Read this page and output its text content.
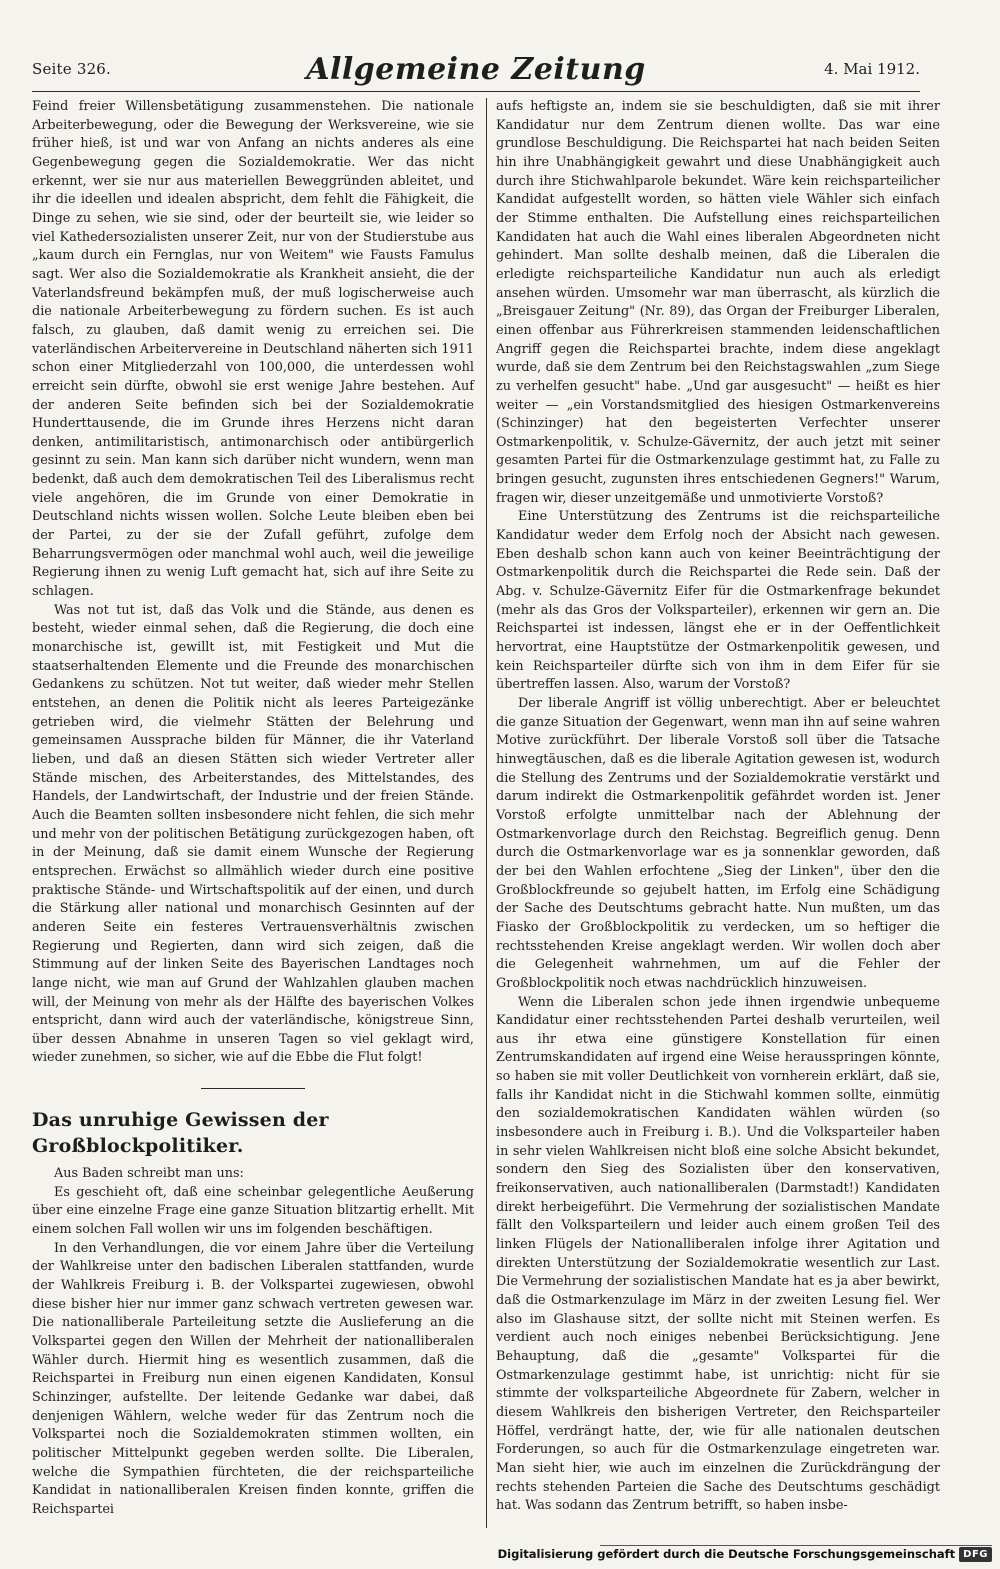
Seite 326.	Allgemeine Zeitung	4. Mai 1912.

Feind freier Willensbetätigung zusammenstehen. Die nationale Arbeiterbewegung, oder die Bewegung der Werksvereine, wie sie früher hieß, ist und war von Anfang an nichts anderes als eine Gegenbewegung gegen die Sozialdemokratie. Wer das nicht erkennt, wer sie nur aus materiellen Beweggründen ableitet, und ihr die ideellen und idealen abspricht, dem fehlt die Fähigkeit, die Dinge zu sehen, wie sie sind, oder der beurteilt sie, wie leider so viel Kathedersozialisten unserer Zeit, nur von der Studierstube aus „kaum durch ein Fernglas, nur von Weitem" wie Fausts Famulus sagt. Wer also die Sozialdemokratie als Krankheit ansieht, die der Vaterlandsfreund bekämpfen muß, der muß logischerweise auch die nationale Arbeiterbewegung zu fördern suchen. Es ist auch falsch, zu glauben, daß damit wenig zu erreichen sei. Die vaterländischen Arbeitervereine in Deutschland näherten sich 1911 schon einer Mitgliederzahl von 100,000, die unterdessen wohl erreicht sein dürfte, obwohl sie erst wenige Jahre bestehen. Auf der anderen Seite befinden sich bei der Sozialdemokratie Hunderttausende, die im Grunde ihres Herzens nicht daran denken, antimilitaristisch, antimonarchisch oder antibürgerlich gesinnt zu sein. Man kann sich darüber nicht wundern, wenn man bedenkt, daß auch dem demokratischen Teil des Liberalismus recht viele angehören, die im Grunde von einer Demokratie in Deutschland nichts wissen wollen. Solche Leute bleiben eben bei der Partei, zu der sie der Zufall geführt, zufolge dem Beharrungsvermögen oder manchmal wohl auch, weil die jeweilige Regierung ihnen zu wenig Luft gemacht hat, sich auf ihre Seite zu schlagen.

Was not tut ist, daß das Volk und die Stände, aus denen es besteht, wieder einmal sehen, daß die Regierung, die doch eine monarchische ist, gewillt ist, mit Festigkeit und Mut die staatserhaltenden Elemente und die Freunde des monarchischen Gedankens zu schützen. Not tut weiter, daß wieder mehr Stellen entstehen, an denen die Politik nicht als leeres Parteigezänke getrieben wird, die vielmehr Stätten der Belehrung und gemeinsamen Aussprache bilden für Männer, die ihr Vaterland lieben, und daß an diesen Stätten sich wieder Vertreter aller Stände mischen, des Arbeiterstandes, des Mittelstandes, des Handels, der Landwirtschaft, der Industrie und der freien Stände. Auch die Beamten sollten insbesondere nicht fehlen, die sich mehr und mehr von der politischen Betätigung zurückgezogen haben, oft in der Meinung, daß sie damit einem Wunsche der Regierung entsprechen. Erwächst so allmählich wieder durch eine positive praktische Stände- und Wirtschaftspolitik auf der einen, und durch die Stärkung aller national und monarchisch Gesinnten auf der anderen Seite ein festeres Vertrauensverhältnis zwischen Regierung und Regierten, dann wird sich zeigen, daß die Stimmung auf der linken Seite des Bayerischen Landtages noch lange nicht, wie man auf Grund der Wahlzahlen glauben machen will, der Meinung von mehr als der Hälfte des bayerischen Volkes entspricht, dann wird auch der vaterländische, königstreue Sinn, über dessen Abnahme in unseren Tagen so viel geklagt wird, wieder zunehmen, so sicher, wie auf die Ebbe die Flut folgt!

Das unruhige Gewissen der Großblockpolitiker.

Aus Baden schreibt man uns:

Es geschieht oft, daß eine scheinbar gelegentliche Aeußerung über eine einzelne Frage eine ganze Situation blitzartig erhellt. Mit einem solchen Fall wollen wir uns im folgenden beschäftigen.

In den Verhandlungen, die vor einem Jahre über die Verteilung der Wahlkreise unter den badischen Liberalen stattfanden, wurde der Wahlkreis Freiburg i. B. der Volkspartei zugewiesen, obwohl diese bisher hier nur immer ganz schwach vertreten gewesen war. Die nationalliberale Parteileitung setzte die Auslieferung an die Volkspartei gegen den Willen der Mehrheit der nationalliberalen Wähler durch. Hiermit hing es wesentlich zusammen, daß die Reichspartei in Freiburg nun einen eigenen Kandidaten, Konsul Schinzinger, aufstellte. Der leitende Gedanke war dabei, daß denjenigen Wählern, welche weder für das Zentrum noch die Volkspartei noch die Sozialdemokraten stimmen wollten, ein politischer Mittelpunkt gegeben werden sollte. Die Liberalen, welche die Sympathien fürchteten, die der reichsparteiliche Kandidat in nationalliberalen Kreisen finden konnte, griffen die Reichspartei

aufs heftigste an, indem sie sie beschuldigten, daß sie mit ihrer Kandidatur nur dem Zentrum dienen wollte. Das war eine grundlose Beschuldigung. Die Reichspartei hat nach beiden Seiten hin ihre Unabhängigkeit gewahrt und diese Unabhängigkeit auch durch ihre Stichwahlparole bekundet. Wäre kein reichsparteilicher Kandidat aufgestellt worden, so hätten viele Wähler sich einfach der Stimme enthalten. Die Aufstellung eines reichsparteilichen Kandidaten hat auch die Wahl eines liberalen Abgeordneten nicht gehindert. Man sollte deshalb meinen, daß die Liberalen die erledigte reichsparteiliche Kandidatur nun auch als erledigt ansehen würden. Umsomehr war man überrascht, als kürzlich die „Breisgauer Zeitung" (Nr. 89), das Organ der Freiburger Liberalen, einen offenbar aus Führerkreisen stammenden leidenschaftlichen Angriff gegen die Reichspartei brachte, indem diese angeklagt wurde, daß sie dem Zentrum bei den Reichstagswahlen „zum Siege zu verhelfen gesucht" habe. „Und gar ausgesucht" — heißt es hier weiter — „ein Vorstandsmitglied des hiesigen Ostmarkenvereins (Schinzinger) hat den begeisterten Verfechter unserer Ostmarkenpolitik, v. Schulze-Gävernitz, der auch jetzt mit seiner gesamten Partei für die Ostmarkenzulage gestimmt hat, zu Falle zu bringen gesucht, zugunsten ihres entschiedenen Gegners!" Warum, fragen wir, dieser unzeitgemäße und unmotivierte Vorstoß?

Eine Unterstützung des Zentrums ist die reichsparteiliche Kandidatur weder dem Erfolg noch der Absicht nach gewesen. Eben deshalb schon kann auch von keiner Beeinträchtigung der Ostmarkenpolitik durch die Reichspartei die Rede sein. Daß der Abg. v. Schulze-Gävernitz Eifer für die Ostmarkenfrage bekundet (mehr als das Gros der Volksparteiler), erkennen wir gern an. Die Reichspartei ist indessen, längst ehe er in der Oeffentlichkeit hervortrat, eine Hauptstütze der Ostmarkenpolitik gewesen, und kein Reichsparteiler dürfte sich von ihm in dem Eifer für sie übertreffen lassen. Also, warum der Vorstoß?

Der liberale Angriff ist völlig unberechtigt. Aber er beleuchtet die ganze Situation der Gegenwart, wenn man ihn auf seine wahren Motive zurückführt. Der liberale Vorstoß soll über die Tatsache hinwegtäuschen, daß es die liberale Agitation gewesen ist, wodurch die Stellung des Zentrums und der Sozialdemokratie verstärkt und darum indirekt die Ostmarkenpolitik gefährdet worden ist. Jener Vorstoß erfolgte unmittelbar nach der Ablehnung der Ostmarkenvorlage durch den Reichstag. Begreiflich genug. Denn durch die Ostmarkenvorlage war es ja sonnenklar geworden, daß der bei den Wahlen erfochtene „Sieg der Linken", über den die Großblockfreunde so gejubelt hatten, im Erfolg eine Schädigung der Sache des Deutschtums gebracht hatte. Nun mußten, um das Fiasko der Großblockpolitik zu verdecken, um so heftiger die rechtsstehenden Kreise angeklagt werden. Wir wollen doch aber die Gelegenheit wahrnehmen, um auf die Fehler der Großblockpolitik noch etwas nachdrücklich hinzuweisen.

Wenn die Liberalen schon jede ihnen irgendwie unbequeme Kandidatur einer rechtsstehenden Partei deshalb verurteilen, weil aus ihr etwa eine günstigere Konstellation für einen Zentrumskandidaten auf irgend eine Weise herausspringen könnte, so haben sie mit voller Deutlichkeit von vornherein erklärt, daß sie, falls ihr Kandidat nicht in die Stichwahl kommen sollte, einmütig den sozialdemokratischen Kandidaten wählen würden (so insbesondere auch in Freiburg i. B.). Und die Volksparteiler haben in sehr vielen Wahlkreisen nicht bloß eine solche Absicht bekundet, sondern den Sieg des Sozialisten über den konservativen, freikonservativen, auch nationalliberalen (Darmstadt!) Kandidaten direkt herbeigeführt. Die Vermehrung der sozialistischen Mandate fällt den Volksparteilern und leider auch einem großen Teil des linken Flügels der Nationalliberalen infolge ihrer Agitation und direkten Unterstützung der Sozialdemokratie wesentlich zur Last. Die Vermehrung der sozialistischen Mandate hat es ja aber bewirkt, daß die Ostmarkenzulage im März in der zweiten Lesung fiel. Wer also im Glashause sitzt, der sollte nicht mit Steinen werfen. Es verdient auch noch einiges nebenbei Berücksichtigung. Jene Behauptung, daß die „gesamte" Volkspartei für die Ostmarkenzulage gestimmt habe, ist unrichtig: nicht für sie stimmte der volksparteiliche Abgeordnete für Zabern, welcher in diesem Wahlkreis den bisherigen Vertreter, den Reichsparteiler Höffel, verdrängt hatte, der, wie für alle nationalen deutschen Forderungen, so auch für die Ostmarkenzulage eingetreten war. Man sieht hier, wie auch im einzelnen die Zurückdrängung der rechts stehenden Parteien die Sache des Deutschtums geschädigt hat. Was sodann das Zentrum betrifft, so haben insbe-

Digitalisierung gefördert durch die Deutsche Forschungsgemeinschaft DFG
